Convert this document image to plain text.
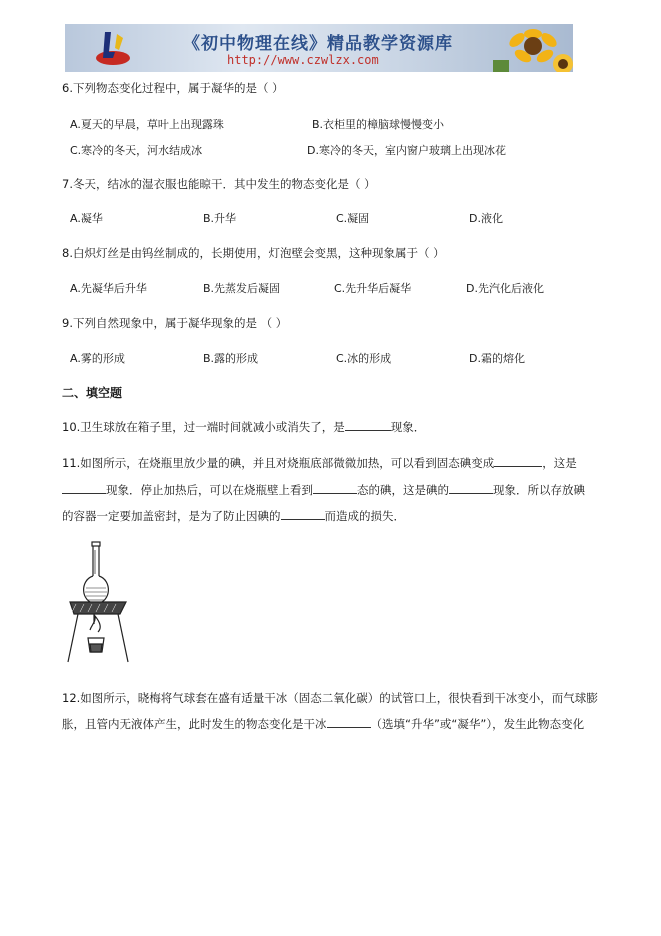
《初中物理在线》精品教学资源库
http://www.czwlzx.com
6.下列物态变化过程中，属于凝华的是（ ）
A.夏天的早晨，草叶上出现露珠	B.衣柜里的樟脑球慢慢变小
C.寒冷的冬天，河水结成冰	D.寒冷的冬天，室内窗户玻璃上出现冰花
7.冬天，结冰的湿衣服也能晾干．其中发生的物态变化是（ ）
A.凝华	B.升华	C.凝固	D.液化
8.白炽灯丝是由钨丝制成的，长期使用，灯泡壁会变黑，这种现象属于（ ）
A.先凝华后升华	B.先蒸发后凝固	C.先升华后凝华	D.先汽化后液化
9.下列自然现象中，属于凝华现象的是 （ ）
A.雾的形成	B.露的形成	C.冰的形成	D.霜的熔化
二、填空题
10.卫生球放在箱子里，过一端时间就减小或消失了，是	现象．
11.如图所示，在烧瓶里放少量的碘，并且对烧瓶底部微微加热，可以看到固态碘变成	，这是
现象．停止加热后，可以在烧瓶壁上看到	态的碘，这是碘的	现象．所以存放碘
的容器一定要加盖密封，是为了防止因碘的	而造成的损失．
12.如图所示，晓梅将气球套在盛有适量干冰（固态二氧化碳）的试管口上，很快看到干冰变小，而气球膨
胀，且管内无液体产生，此时发生的物态变化是干冰	（选填“升华”或“凝华”），发生此物态变化
